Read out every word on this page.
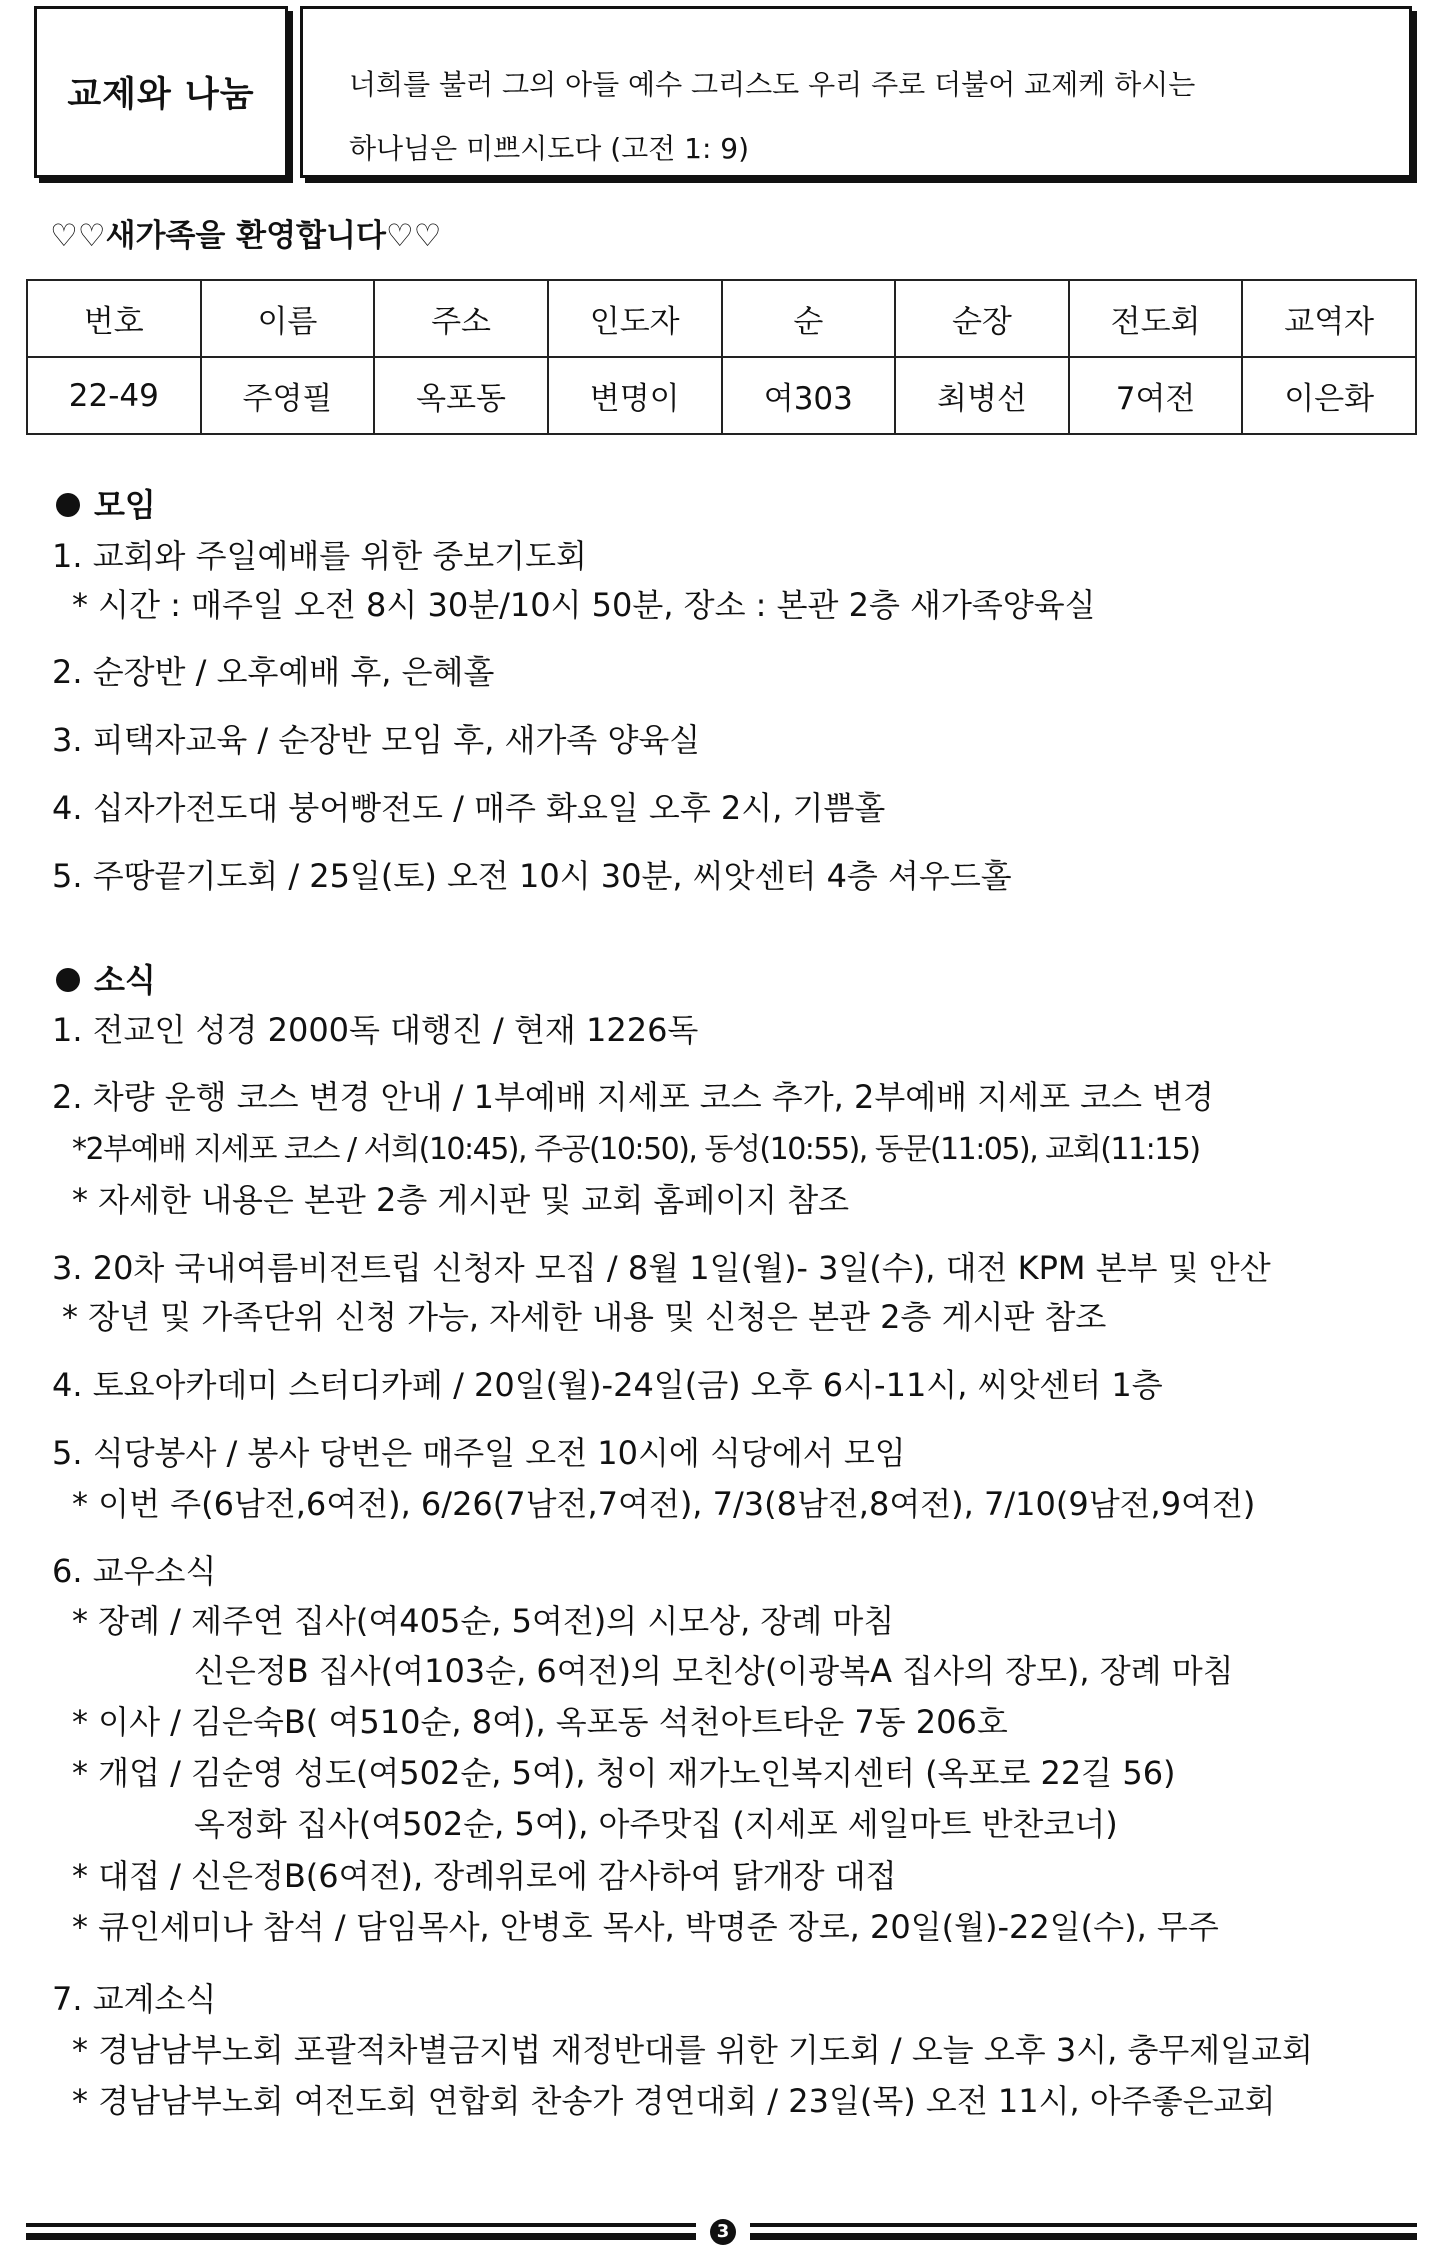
교제와 나눔	너희를 불러 그의 아들 예수 그리스도 우리 주로 더불어 교제케 하시는
하나님은 미쁘시도다 (고전 1: 9)
♡♡새가족을 환영합니다♡♡
번호	이름	주소	인도자	순	순장	전도회	교역자
22-49	주영필	옥포동	변명이	여303	최병선	7여전	이은화
모임
1. 교회와 주일예배를 위한 중보기도회
* 시간 : 매주일 오전 8시 30분/10시 50분, 장소 : 본관 2층 새가족양육실
2. 순장반 / 오후예배 후, 은혜홀
3. 피택자교육 / 순장반 모임 후, 새가족 양육실
4. 십자가전도대 붕어빵전도 / 매주 화요일 오후 2시, 기쁨홀
5. 주땅끝기도회 / 25일(토) 오전 10시 30분, 씨앗센터 4층 셔우드홀
소식
1. 전교인 성경 2000독 대행진 / 현재 1226독
2. 차량 운행 코스 변경 안내 / 1부예배 지세포 코스 추가, 2부예배 지세포 코스 변경
*2부예배 지세포 코스 / 서희(10:45), 주공(10:50), 동성(10:55), 동문(11:05), 교회(11:15)
* 자세한 내용은 본관 2층 게시판 및 교회 홈페이지 참조
3. 20차 국내여름비전트립 신청자 모집 / 8월 1일(월)- 3일(수), 대전 KPM 본부 및 안산
* 장년 및 가족단위 신청 가능, 자세한 내용 및 신청은 본관 2층 게시판 참조
4. 토요아카데미 스터디카페 / 20일(월)-24일(금) 오후 6시-11시, 씨앗센터 1층
5. 식당봉사 / 봉사 당번은 매주일 오전 10시에 식당에서 모임
* 이번 주(6남전,6여전), 6/26(7남전,7여전), 7/3(8남전,8여전), 7/10(9남전,9여전)
6. 교우소식
* 장례 / 제주연 집사(여405순, 5여전)의 시모상, 장례 마침
신은정B 집사(여103순, 6여전)의 모친상(이광복A 집사의 장모), 장례 마침
* 이사 / 김은숙B( 여510순, 8여), 옥포동 석천아트타운 7동 206호
* 개업 / 김순영 성도(여502순, 5여), 청이 재가노인복지센터 (옥포로 22길 56)
옥정화 집사(여502순, 5여), 아주맛집 (지세포 세일마트 반찬코너)
* 대접 / 신은정B(6여전), 장례위로에 감사하여 닭개장 대접
* 큐인세미나 참석 / 담임목사, 안병호 목사, 박명준 장로, 20일(월)-22일(수), 무주
7. 교계소식
* 경남남부노회 포괄적차별금지법 재정반대를 위한 기도회 / 오늘 오후 3시, 충무제일교회
* 경남남부노회 여전도회 연합회 찬송가 경연대회 / 23일(목) 오전 11시, 아주좋은교회
3
